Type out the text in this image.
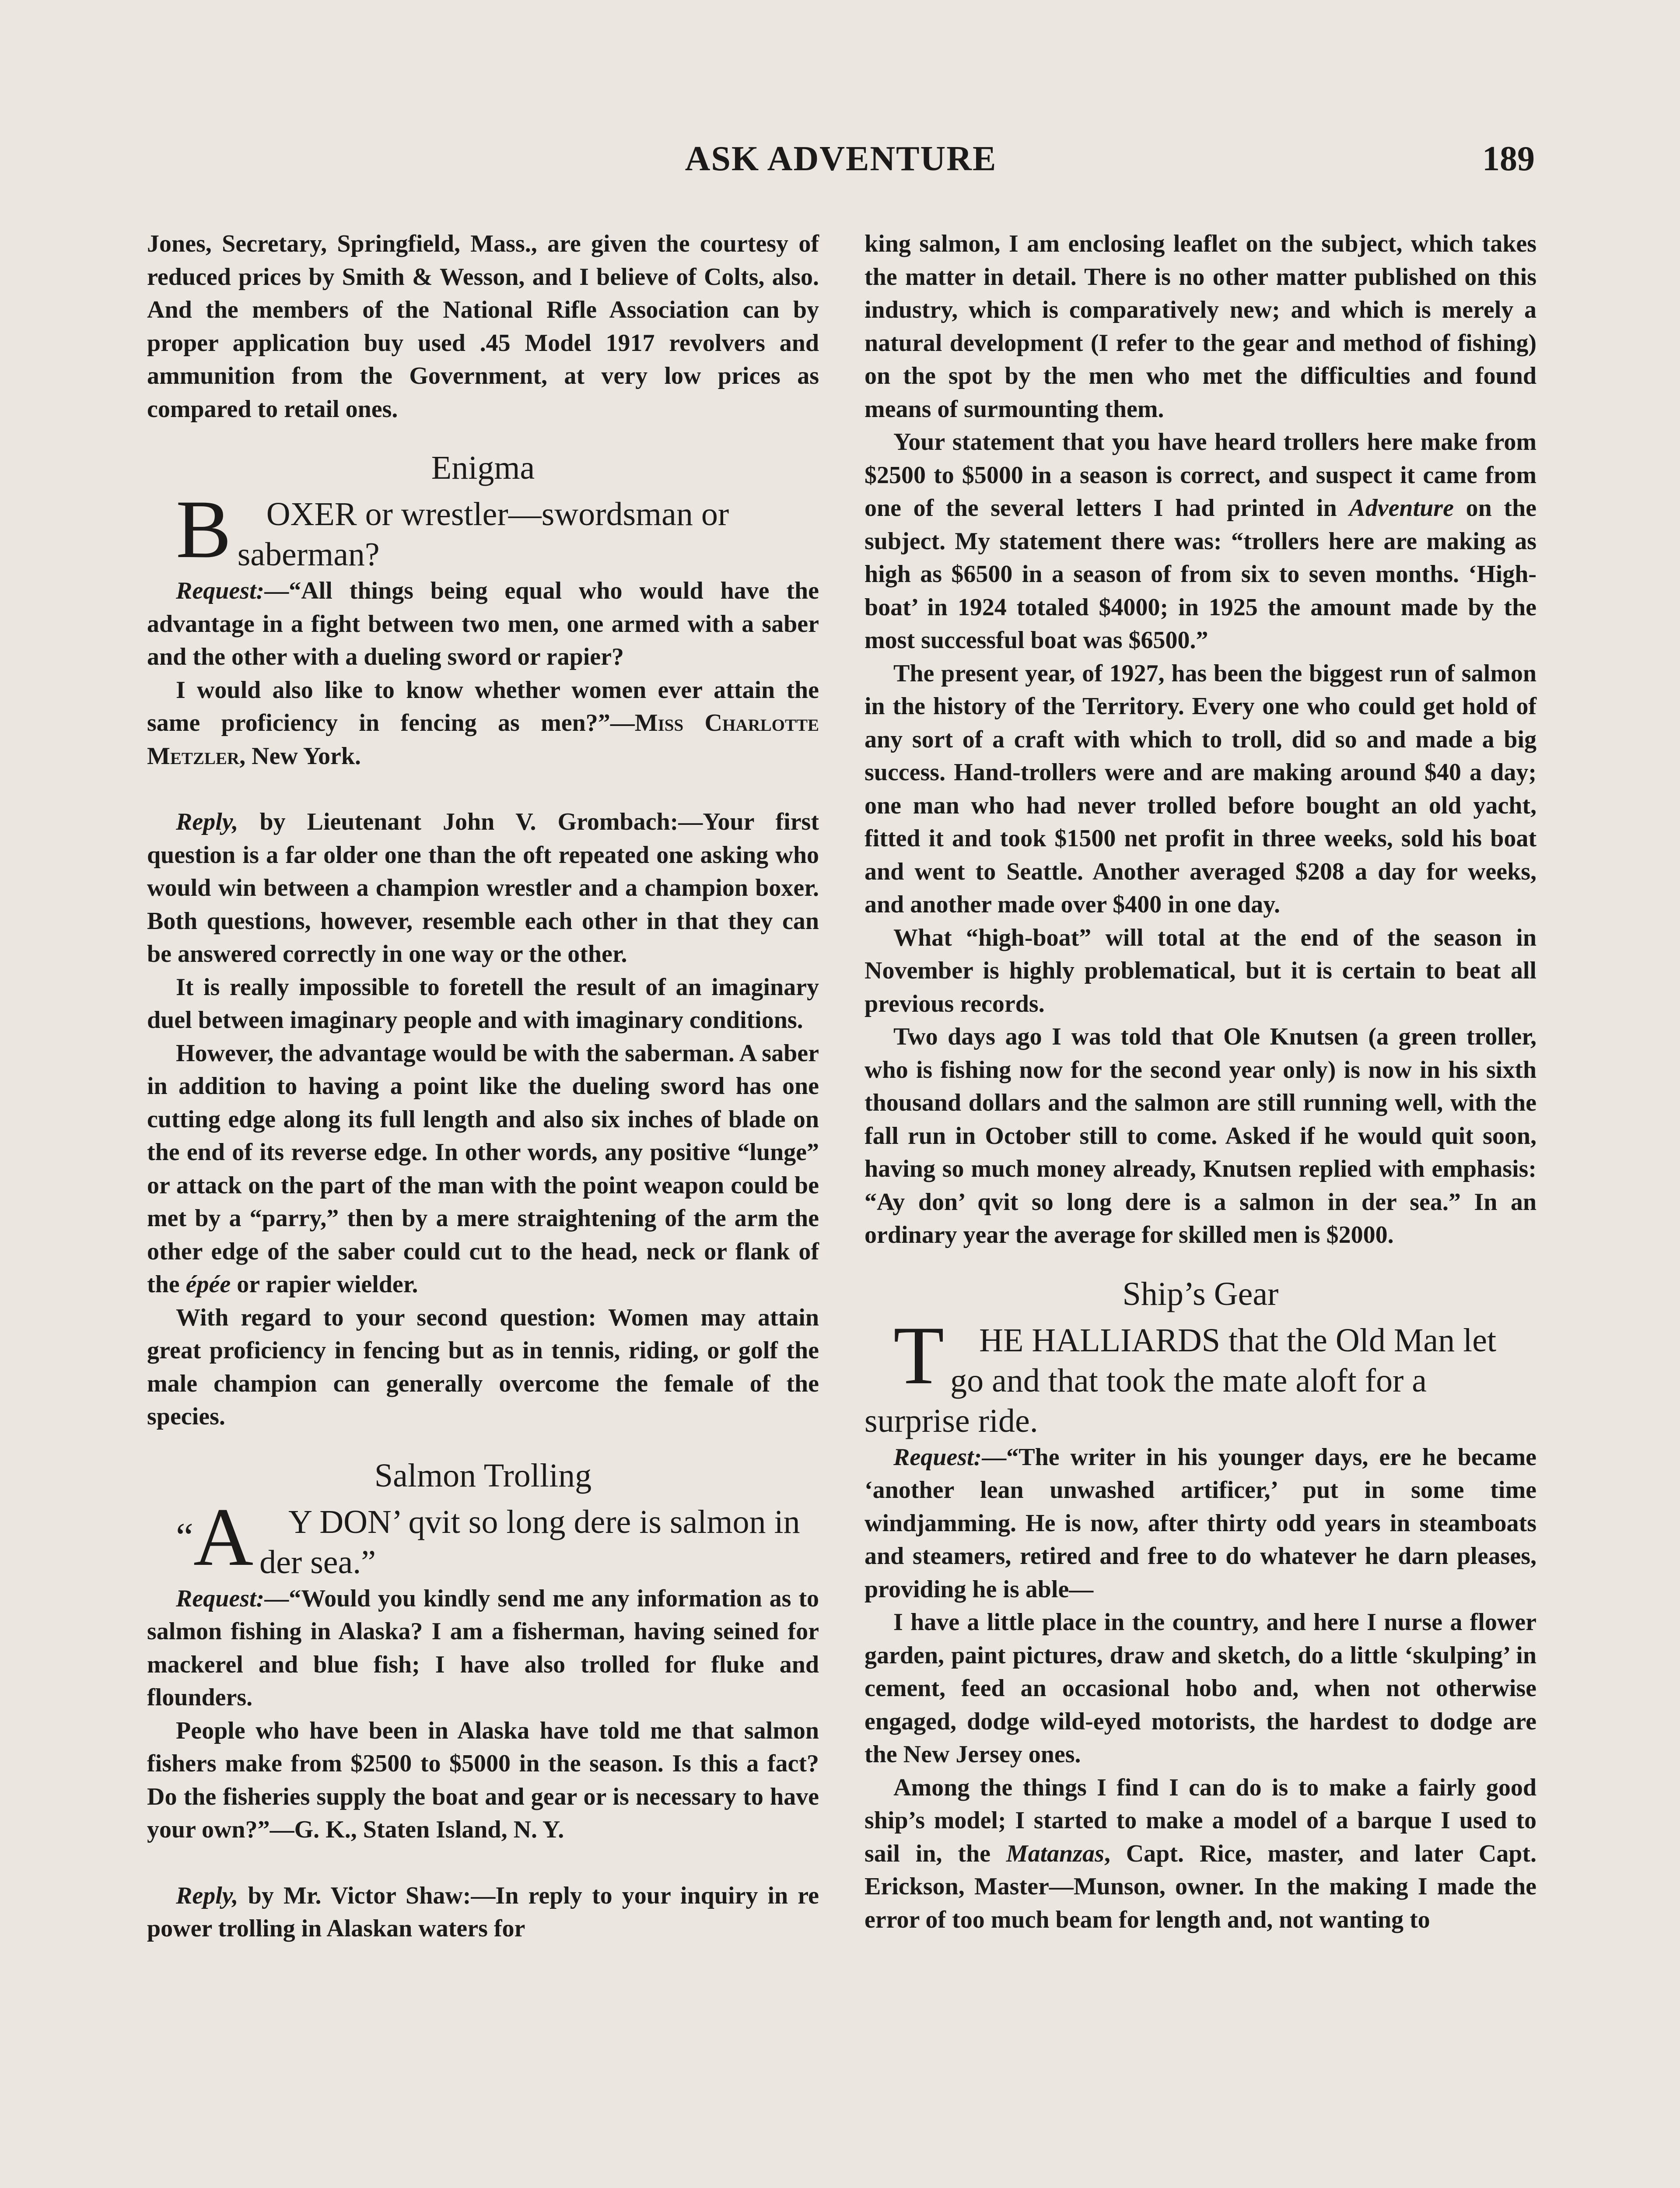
ASK ADVENTURE	189

Jones, Secretary, Springfield, Mass., are given the courtesy of reduced prices by Smith & Wesson, and I believe of Colts, also. And the members of the National Rifle Association can by proper application buy used .45 Model 1917 revolvers and ammunition from the Government, at very low prices as compared to retail ones.

Enigma

B OXER or wrestler—swordsman or saberman?

Request:—“All things being equal who would have the advantage in a fight between two men, one armed with a saber and the other with a dueling sword or rapier?

I would also like to know whether women ever attain the same proficiency in fencing as men?”—Miss Charlotte Metzler, New York.

Reply, by Lieutenant John V. Grombach:—Your first question is a far older one than the oft repeated one asking who would win between a champion wrestler and a champion boxer. Both questions, however, resemble each other in that they can be answered correctly in one way or the other.

It is really impossible to foretell the result of an imaginary duel between imaginary people and with imaginary conditions.

However, the advantage would be with the saberman. A saber in addition to having a point like the dueling sword has one cutting edge along its full length and also six inches of blade on the end of its reverse edge. In other words, any positive “lunge” or attack on the part of the man with the point weapon could be met by a “parry,” then by a mere straightening of the arm the other edge of the saber could cut to the head, neck or flank of the épée or rapier wielder.

With regard to your second question: Women may attain great proficiency in fencing but as in tennis, riding, or golf the male champion can generally overcome the female of the species.

Salmon Trolling

“A Y DON’ qvit so long dere is salmon in der sea.”

Request:—“Would you kindly send me any information as to salmon fishing in Alaska? I am a fisherman, having seined for mackerel and blue fish; I have also trolled for fluke and flounders.

People who have been in Alaska have told me that salmon fishers make from $2500 to $5000 in the season. Is this a fact? Do the fisheries supply the boat and gear or is necessary to have your own?”—G. K., Staten Island, N. Y.

Reply, by Mr. Victor Shaw:—In reply to your inquiry in re power trolling in Alaskan waters for

king salmon, I am enclosing leaflet on the subject, which takes the matter in detail. There is no other matter published on this industry, which is comparatively new; and which is merely a natural development (I refer to the gear and method of fishing) on the spot by the men who met the difficulties and found means of surmounting them.

Your statement that you have heard trollers here make from $2500 to $5000 in a season is correct, and suspect it came from one of the several letters I had printed in Adventure on the subject. My statement there was: “trollers here are making as high as $6500 in a season of from six to seven months. ‘High-boat’ in 1924 totaled $4000; in 1925 the amount made by the most successful boat was $6500.”

The present year, of 1927, has been the biggest run of salmon in the history of the Territory. Every one who could get hold of any sort of a craft with which to troll, did so and made a big success. Hand-trollers were and are making around $40 a day; one man who had never trolled before bought an old yacht, fitted it and took $1500 net profit in three weeks, sold his boat and went to Seattle. Another averaged $208 a day for weeks, and another made over $400 in one day.

What “high-boat” will total at the end of the season in November is highly problematical, but it is certain to beat all previous records.

Two days ago I was told that Ole Knutsen (a green troller, who is fishing now for the second year only) is now in his sixth thousand dollars and the salmon are still running well, with the fall run in October still to come. Asked if he would quit soon, having so much money already, Knutsen replied with emphasis: “Ay don’ qvit so long dere is a salmon in der sea.” In an ordinary year the average for skilled men is $2000.

Ship’s Gear

T HE HALLIARDS that the Old Man let go and that took the mate aloft for a surprise ride.

Request:—“The writer in his younger days, ere he became ‘another lean unwashed artificer,’ put in some time windjamming. He is now, after thirty odd years in steamboats and steamers, retired and free to do whatever he darn pleases, providing he is able—

I have a little place in the country, and here I nurse a flower garden, paint pictures, draw and sketch, do a little ‘skulping’ in cement, feed an occasional hobo and, when not otherwise engaged, dodge wild-eyed motorists, the hardest to dodge are the New Jersey ones.

Among the things I find I can do is to make a fairly good ship’s model; I started to make a model of a barque I used to sail in, the Matanzas, Capt. Rice, master, and later Capt. Erickson, Master—Munson, owner. In the making I made the error of too much beam for length and, not wanting to
